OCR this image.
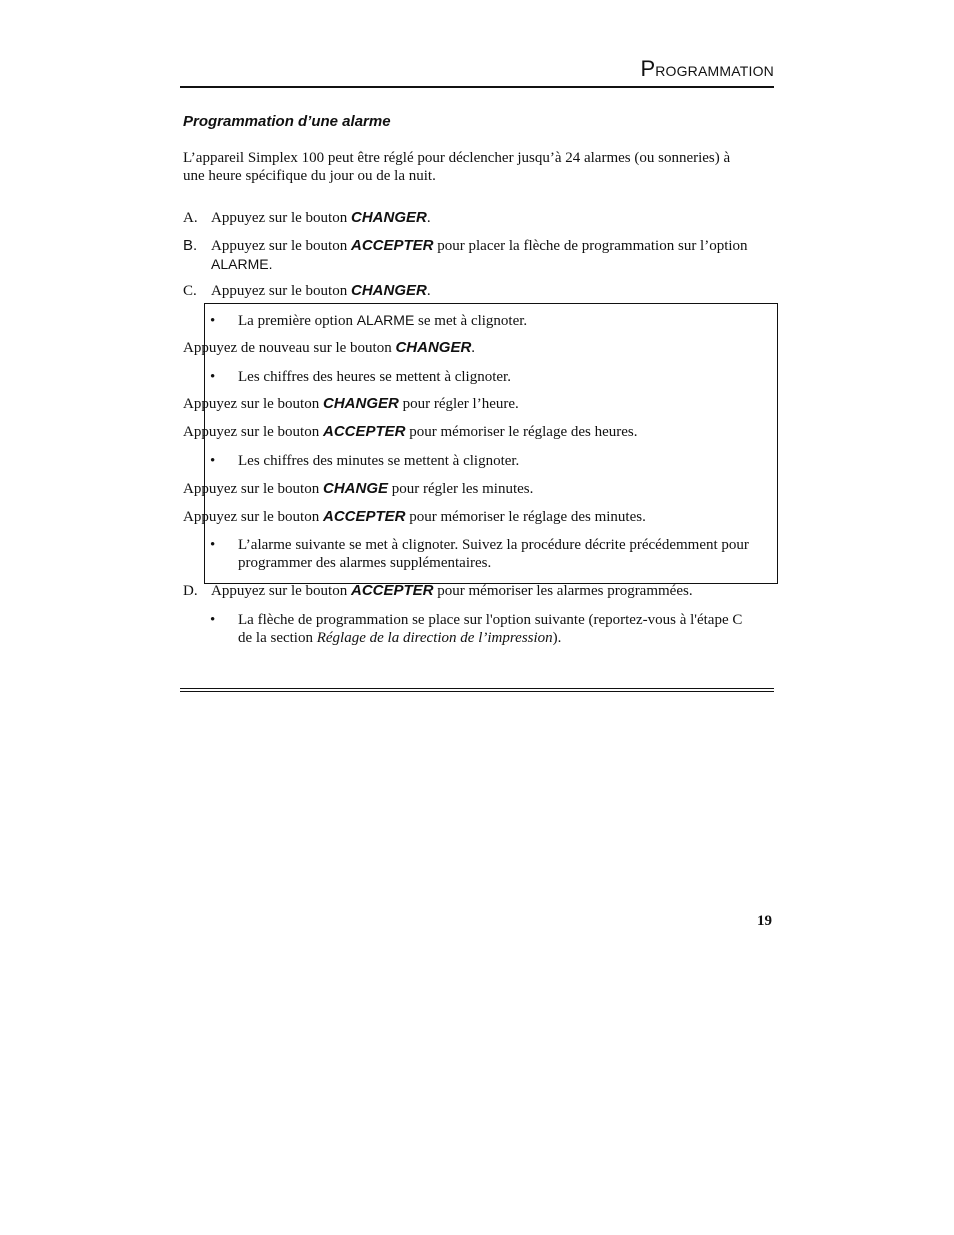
PROGRAMMATION
Programmation d’une alarme
L’appareil Simplex 100 peut être réglé pour déclencher jusqu’à 24 alarmes (ou sonneries) à
une heure spécifique du jour ou de la nuit.
A. Appuyez sur le bouton CHANGER.
B. Appuyez sur le bouton ACCEPTER pour placer la flèche de programmation sur l’option
ALARME.
C. Appuyez sur le bouton CHANGER.
• La première option ALARME se met à clignoter.
Appuyez de nouveau sur le bouton CHANGER.
• Les chiffres des heures se mettent à clignoter.
Appuyez sur le bouton CHANGER pour régler l’heure.
Appuyez sur le bouton ACCEPTER pour mémoriser le réglage des heures.
• Les chiffres des minutes se mettent à clignoter.
Appuyez sur le bouton CHANGE pour régler les minutes.
Appuyez sur le bouton ACCEPTER pour mémoriser le réglage des minutes.
• L’alarme suivante se met à clignoter. Suivez la procédure décrite précédemment pour
programmer des alarmes supplémentaires.
D. Appuyez sur le bouton ACCEPTER pour mémoriser les alarmes programmées.
• La flèche de programmation se place sur l'option suivante (reportez-vous à l'étape C
de la section Réglage de la direction de l’impression).
19
